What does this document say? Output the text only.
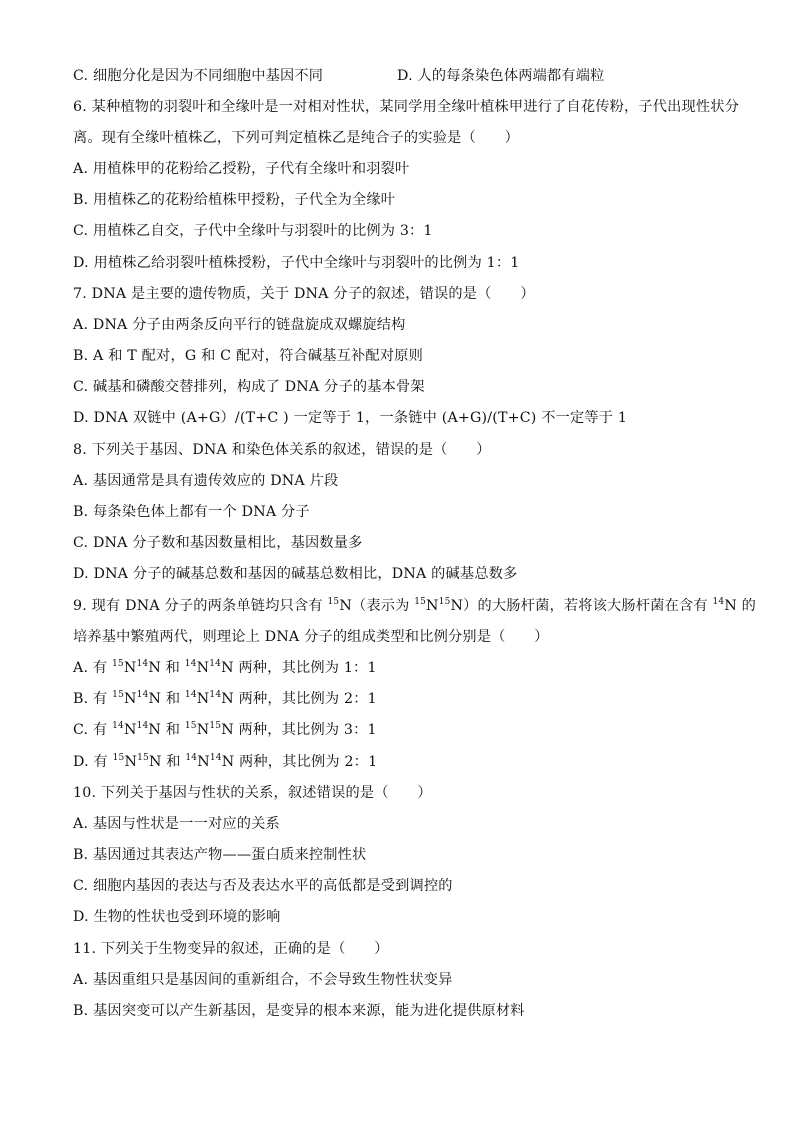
C. 细胞分化是因为不同细胞中基因不同	D. 人的每条染色体两端都有端粒
6. 某种植物的羽裂叶和全缘叶是一对相对性状，某同学用全缘叶植株甲进行了自花传粉，子代出现性状分
离。现有全缘叶植株乙，下列可判定植株乙是纯合子的实验是（　　）
A. 用植株甲的花粉给乙授粉，子代有全缘叶和羽裂叶
B. 用植株乙的花粉给植株甲授粉，子代全为全缘叶
C. 用植株乙自交，子代中全缘叶与羽裂叶的比例为 3：1
D. 用植株乙给羽裂叶植株授粉，子代中全缘叶与羽裂叶的比例为 1：1
7. DNA 是主要的遗传物质，关于 DNA 分子的叙述，错误的是（　　）
A. DNA 分子由两条反向平行的链盘旋成双螺旋结构
B. A 和 T 配对，G 和 C 配对，符合碱基互补配对原则
C. 碱基和磷酸交替排列，构成了 DNA 分子的基本骨架
D. DNA 双链中 (A+G）/(T+C ) 一定等于 1，一条链中 (A+G)/(T+C) 不一定等于 1
8. 下列关于基因、DNA 和染色体关系的叙述，错误的是（　　）
A. 基因通常是具有遗传效应的 DNA 片段
B. 每条染色体上都有一个 DNA 分子
C. DNA 分子数和基因数量相比，基因数量多
D. DNA 分子的碱基总数和基因的碱基总数相比，DNA 的碱基总数多
9. 现有 DNA 分子的两条单链均只含有 $^{15}$N（表示为 $^{15}N^{15}N$）的大肠杆菌，若将该大肠杆菌在含有 $^{14}$N 的
培养基中繁殖两代，则理论上 DNA 分子的组成类型和比例分别是（　　）
A. 有 $^{15}N^{14}N$ 和 $^{14}N^{14}N$ 两种，其比例为 1：1
B. 有 $^{15}N^{14}N$ 和 $^{14}N^{14}N$ 两种，其比例为 2：1
C. 有 $^{14}N^{14}N$ 和 $^{15}N^{15}N$ 两种，其比例为 3：1
D. 有 $^{15}N^{15}N$ 和 $^{14}N^{14}N$ 两种，其比例为 2：1
10. 下列关于基因与性状的关系，叙述错误的是（　　）
A. 基因与性状是一一对应的关系
B. 基因通过其表达产物——蛋白质来控制性状
C. 细胞内基因的表达与否及表达水平的高低都是受到调控的
D. 生物的性状也受到环境的影响
11. 下列关于生物变异的叙述，正确的是（　　）
A. 基因重组只是基因间的重新组合，不会导致生物性状变异
B. 基因突变可以产生新基因，是变异的根本来源，能为进化提供原材料
